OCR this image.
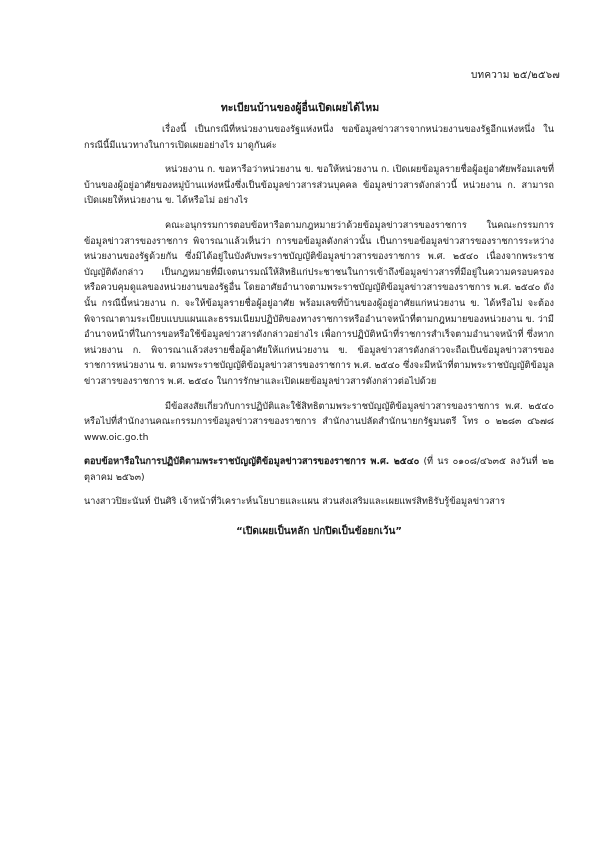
บทความ ๒๕/๒๕๖๗
ทะเบียนบ้านของผู้อื่นเปิดเผยได้ไหม

เรื่องนี้ เป็นกรณีที่หน่วยงานของรัฐแห่งหนึ่ง ขอข้อมูลข่าวสารจากหน่วยงานของรัฐอีกแห่งหนึ่ง ในกรณีนี้มีแนวทางในการเปิดเผยอย่างไร มาดูกันค่ะ

หน่วยงาน ก. ขอหารือว่าหน่วยงาน ข. ขอให้หน่วยงาน ก. เปิดเผยข้อมูลรายชื่อผู้อยู่อาศัยพร้อมเลขที่บ้านของผู้อยู่อาศัยของหมู่บ้านแห่งหนึ่งซึ่งเป็นข้อมูลข่าวสารส่วนบุคคล ข้อมูลข่าวสารดังกล่าวนี้ หน่วยงาน ก. สามารถเปิดเผยให้หน่วยงาน ข. ได้หรือไม่ อย่างไร

คณะอนุกรรมการตอบข้อหารือตามกฎหมายว่าด้วยข้อมูลข่าวสารของราชการ ในคณะกรรมการข้อมูลข่าวสารของราชการ พิจารณาแล้วเห็นว่า การขอข้อมูลดังกล่าวนั้น เป็นการขอข้อมูลข่าวสารของราชการระหว่างหน่วยงานของรัฐด้วยกัน ซึ่งมิได้อยู่ในบังคับพระราชบัญญัติข้อมูลข่าวสารของราชการ พ.ศ. ๒๕๔๐ เนื่องจากพระราชบัญญัติดังกล่าว เป็นกฎหมายที่มีเจตนารมณ์ให้สิทธิแก่ประชาชนในการเข้าถึงข้อมูลข่าวสารที่มีอยู่ในความครอบครองหรือควบคุมดูแลของหน่วยงานของรัฐอื่น โดยอาศัยอำนาจตามพระราชบัญญัติข้อมูลข่าวสารของราชการ พ.ศ. ๒๕๔๐ ดังนั้น กรณีนี้หน่วยงาน ก. จะให้ข้อมูลรายชื่อผู้อยู่อาศัย พร้อมเลขที่บ้านของผู้อยู่อาศัยแก่หน่วยงาน ข. ได้หรือไม่ จะต้องพิจารณาตามระเบียบแบบแผนและธรรมเนียมปฏิบัติของทางราชการหรืออำนาจหน้าที่ตามกฎหมายของหน่วยงาน ข. ว่ามีอำนาจหน้าที่ในการขอหรือใช้ข้อมูลข่าวสารดังกล่าวอย่างไร เพื่อการปฏิบัติหน้าที่ราชการสำเร็จตามอำนาจหน้าที่ ซึ่งหากหน่วยงาน ก. พิจารณาแล้วส่งรายชื่อผู้อาศัยให้แก่หน่วยงาน ข. ข้อมูลข่าวสารดังกล่าวจะถือเป็นข้อมูลข่าวสารของราชการหน่วยงาน ข. ตามพระราชบัญญัติข้อมูลข่าวสารของราชการ พ.ศ. ๒๕๔๐ ซึ่งจะมีหน้าที่ตามพระราชบัญญัติข้อมูลข่าวสารของราชการ พ.ศ. ๒๕๔๐ ในการรักษาและเปิดเผยข้อมูลข่าวสารดังกล่าวต่อไปด้วย

มีข้อสงสัยเกี่ยวกับการปฏิบัติและใช้สิทธิตามพระราชบัญญัติข้อมูลข่าวสารของราชการ พ.ศ. ๒๕๔๐ หรือไปที่สำนักงานคณะกรรมการข้อมูลข่าวสารของราชการ สำนักงานปลัดสำนักนายกรัฐมนตรี โทร ๐ ๒๒๘๓ ๔๖๗๘ www.oic.go.th

ตอบข้อหารือในการปฏิบัติตามพระราชบัญญัติข้อมูลข่าวสารของราชการ พ.ศ. ๒๕๔๐ (ที่ นร ๐๑๐๘/๔๖๓๕ ลงวันที่ ๒๒ ตุลาคม ๒๕๖๓)

นางสาวปิยะนันท์ ปันศิริ เจ้าหน้าที่วิเคราะห์นโยบายและแผน ส่วนส่งเสริมและเผยแพร่สิทธิรับรู้ข้อมูลข่าวสาร

“เปิดเผยเป็นหลัก ปกปิดเป็นข้อยกเว้น”
